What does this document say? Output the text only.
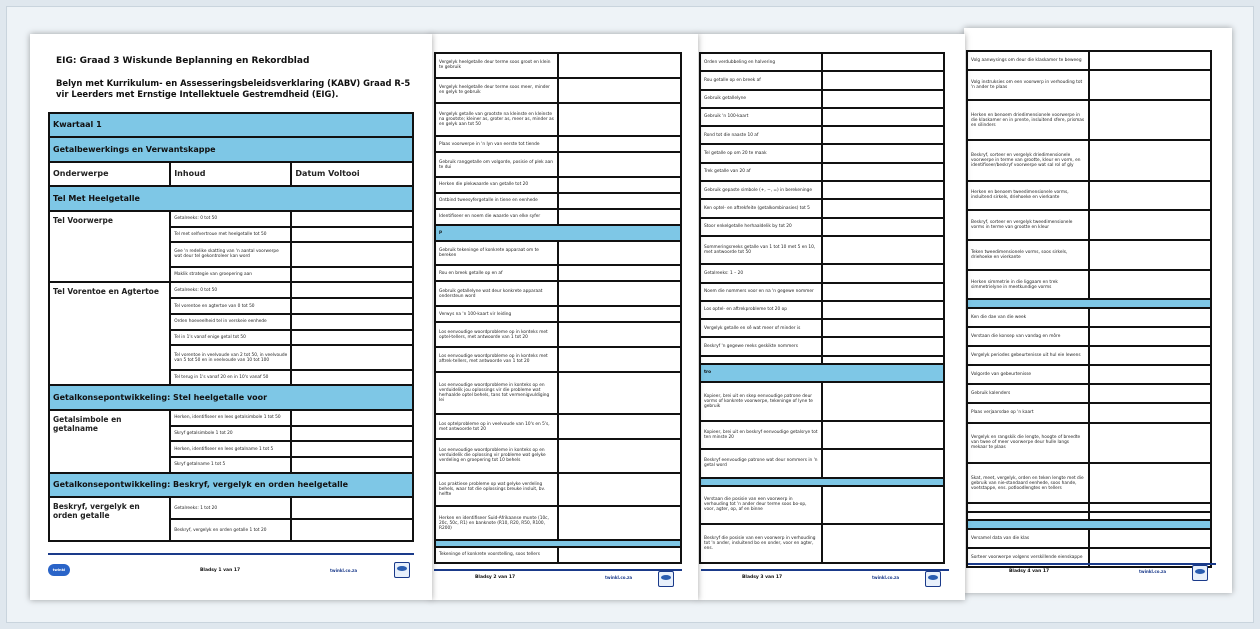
EIG: Graad 3 Wiskunde Beplanning en Rekordblad
Belyn met Kurrikulum- en Assesseringsbeleidsverklaring (KABV) Graad R-5 vir Leerders met Ernstige Intellektuele Gestremdheid (EIG).
Kwartaal 1		
Getalbewerkings en Verwantskappe		
Onderwerpe	Inhoud	Datum Voltooi
Tel Met Heelgetalle		
Tel Voorwerpe	Getalreeks: 0 tot 50	
	Tel met selfvertroue met heelgetalle tot 50	
	Gee 'n redelike skatting van 'n aantal voorwerpe wat deur tel gekontroleer kan word	
	Maklik strategie van groepering aan	
Tel Vorentoe en Agtertoe	Getalreeks: 0 tot 50	
	Tel vorentoe en agtertoe van 0 tot 50	
	Orden hoeveelheid tel in verskeie eenhede	
	Tel in 1's vanaf enige getal tot 50	
	Tel vorentoe in veelvoude van 2 tot 50, in veelvoude van 5 tot 50 en in veelvoude van 10 tot 100	
	Tel terug in 1's vanaf 20 en in 10's vanaf 50	
Getalkonsepontwikkeling: Stel heelgetalle voor		
Getalsimbole en getalname	Herken, identifiseer en lees getalsimbole 1 tot 50	
	Skryf getalsimbole 1 tot 20	
	Herken, identifiseer en lees getalname 1 tot 5	
	Skryf getalname 1 tot 5	
Getalkonsepontwikkeling: Beskryf, vergelyk en orden heelgetalle		
Beskryf, vergelyk en orden getalle	Getalreeks: 1 tot 20	
	Beskryf, vergelyk en orden getalle 1 tot 20	
twinkl	Bladsy 1 van 17	twinkl.co.za
Vergelyk heelgetalle deur terme soos groot en klein te gebruik	
Vergelyk heelgetalle deur terme soos meer, minder en gelyk te gebruik	
Vergelyk getalle van grootste na kleinste en kleinste na grootste; kleiner as, groter as, meer as, minder as en gelyk aan tot 50	
Plaas voorwerpe in 'n lyn van eerste tot tiende	
Gebruik ranggetalle om volgorde, posisie of plek aan te dui	
Herken die plekwaarde van getalle tot 20	
Ontbind tweesyfergetalle in tiene en eenhede	
Identifiseer en noem die waarde van elke syfer	
p	
Gebruik tekeninge of konkrete apparaat om te bereken	
Rou en breek getalle op en af	
Gebruik getallelyne wat deur konkrete apparaat ondersteun word	
Verwys na 'n 100-kaart vir leiding	
Los eenvoudige woordprobleme op in konteks met optel-tellers, met antwoorde van 1 tot 20	
Los eenvoudige woordprobleme op in konteks met aftrek-tellers, met antwoorde van 1 tot 20	
Los eenvoudige woordprobleme in konteks op en verduidelik jou oplossings vir die probleme wat herhaalde optel behels, tans tot vermenigvuldiging lei	
Los optelprobleme op in veelvoude van 10's en 5's, met antwoorde tot 20	
Los eenvoudige woordprobleme in konteks op en verduidelik die oplossing vir probleme wat gelyke verdeling en groepering tot 10 behels	
Los praktiese probleme op wat gelyke verdeling behels, waar tot die oplossings breuke insluit, bv. helfte	
Herken en identifiseer Suid-Afrikaanse munte (10c, 20c, 50c, R1) en banknote (R10, R20, R50, R100, R200)	

Tekeninge of konkrete voorstelling, soos tellers	
Bladsy 2 van 17	twinkl.co.za
Orden verdubbeling en halvering	
Rou getalle op en breek af	
Gebruik getallelyne	
Gebruik 'n 100-kaart	
Rond tot die naaste 10 af	
Tel getalle op om 20 te maak	
Trek getalle van 20 af	
Gebruik gepaste simbole (+, −, =) in berekeninge	
Ken optel- en aftrekfeite (getalkombinasies) tot 5	
Stoor enkelgetalle herhaaldelik by tot 20	
Sommeringsreeks getalle van 1 tot 10 met 5 en 10, met antwoorde tot 50	
Getalreeks: 1 – 20	
Noem die nommers voor en na 'n gegewe nommer	
Los optel- en aftrekprobleme tot 20 op	
Vergelyk getalle en sê wat meer of minder is	
Beskryf 'n gegewe reeks geskikte nommers	

tro	
Kopieer, brei uit en skep eenvoudige patrone deur vorms of konkrete voorwerpe, tekeninge of lyne te gebruik	
Kopieer, brei uit en beskryf eenvoudige getalsrye tot ten minste 20	
Beskryf eenvoudige patrone wat deur nommers in 'n getal word	

Verstaan die posisie van een voorwerp in verhouding tot 'n ander deur terme soos bo-op, voor, agter, op, af en binne	
Beskryf die posisie van een voorwerp in verhouding tot 'n ander, insluitend bo en onder, voor en agter, ens.	
Bladsy 3 van 17	twinkl.co.za
Volg aanwysings om deur die klaskamer te beweeg	
Volg instruksies om een voorwerp in verhouding tot 'n ander te plaas	
Herken en benoem driedimensionele voorwerpe in die klaskamer en in prente, insluitend sfere, prismas en silinders	
Beskryf, sorteer en vergelyk driedimensionele voorwerpe in terme van grootte, kleur en vorm, en identifiseer/beskryf voorwerpe wat sal rol of gly	
Herken en benoem tweedimensionele vorms, insluitend sirkels, driehoeke en vierkante	
Beskryf, sorteer en vergelyk tweedimensionele vorms in terme van grootte en kleur	
Teken tweedimensionele vorms, soos sirkels, driehoeke en vierkante	
Herken simmetrie in die liggaam en trek simmetrielyne in meetkundige vorms	

Ken die dae van die week	
Verstaan die konsep van vandag en môre	
Vergelyk periodes gebeurtenisse uit hul eie lewens	
Volgorde van gebeurtenisse	
Gebruik kalenders	
Plaas verjaarsdae op 'n kaart	
Vergelyk en rangskik die lengte, hoogte of breedte van twee of meer voorwerpe deur hulle langs mekaar te plaas	
Skat, meet, vergelyk, orden en teken lengte met die gebruik van nie-standaard eenhede, soos hande, voetstappe, ens. potloodlengtes en tellers	

Versamel data van die klas	
Sorteer voorwerpe volgens verskillende eienskappe	
Bladsy 4 van 17	twinkl.co.za
